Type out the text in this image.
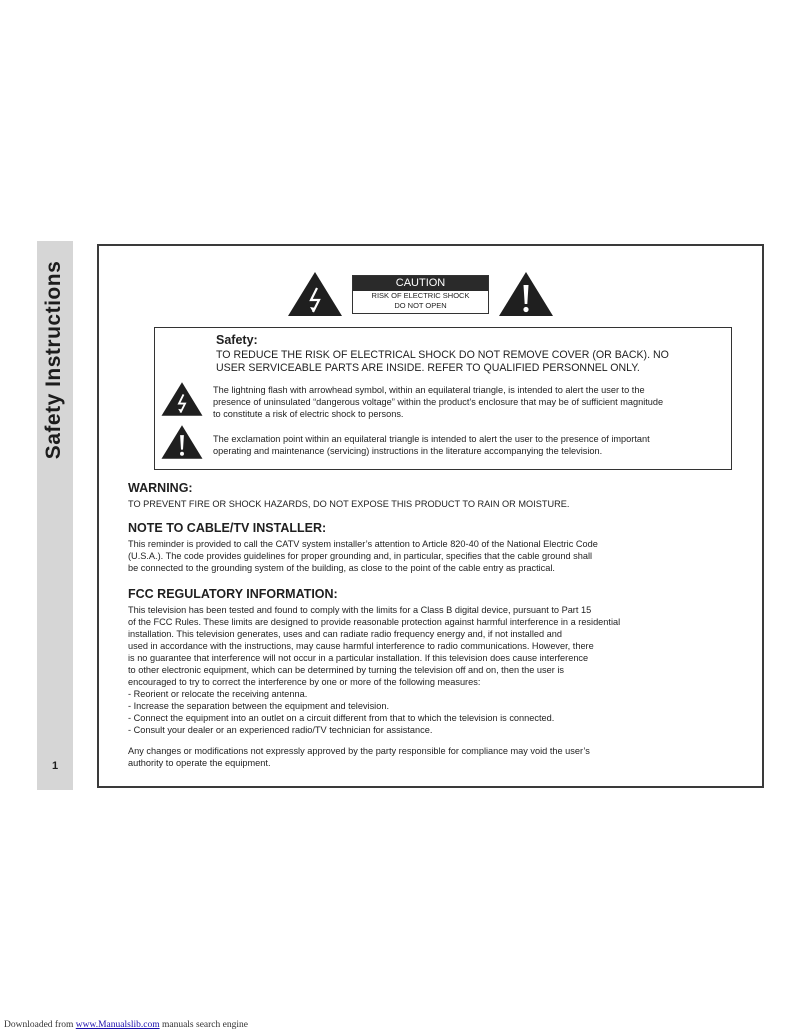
Safety Instructions
1
CAUTION
RISK OF ELECTRIC SHOCK
DO NOT OPEN
Safety:
TO REDUCE THE RISK OF ELECTRICAL SHOCK DO NOT REMOVE COVER (OR BACK). NO
USER SERVICEABLE PARTS ARE INSIDE. REFER TO QUALIFIED PERSONNEL ONLY.
The lightning flash with arrowhead symbol, within an equilateral triangle, is intended to alert the user to the
presence of uninsulated “dangerous voltage” within the product’s enclosure that may be of sufficient magnitude
to constitute a risk of electric shock to persons.
The exclamation point within an equilateral triangle is intended to alert the user to the presence of important
operating and maintenance (servicing) instructions in the literature accompanying the television.
WARNING:
TO PREVENT FIRE OR SHOCK HAZARDS, DO NOT EXPOSE THIS PRODUCT TO RAIN OR MOISTURE.
NOTE TO CABLE/TV INSTALLER:
This reminder is provided to call the CATV system installer’s attention to Article 820-40 of the National Electric Code
(U.S.A.). The code provides guidelines for proper grounding and, in particular, specifies that the cable ground shall
be connected to the grounding system of the building, as close to the point of the cable entry as practical.
FCC REGULATORY INFORMATION:
This television has been tested and found to comply with the limits for a Class B digital device, pursuant to Part 15
of the FCC Rules. These limits are designed to provide reasonable protection against harmful interference in a residential
installation. This television generates, uses and can radiate radio frequency energy and, if not installed and
used in accordance with the instructions, may cause harmful interference to radio communications. However, there
is no guarantee that interference will not occur in a particular installation. If this television does cause interference
to other electronic equipment, which can be determined by turning the television off and on, then the user is
encouraged to try to correct the interference by one or more of the following measures:
- Reorient or relocate the receiving antenna.
- Increase the separation between the equipment and television.
- Connect the equipment into an outlet on a circuit different from that to which the television is connected.
- Consult your dealer or an experienced radio/TV technician for assistance.
Any changes or modifications not expressly approved by the party responsible for compliance may void the user’s
authority to operate the equipment.
Downloaded from www.Manualslib.com manuals search engine
